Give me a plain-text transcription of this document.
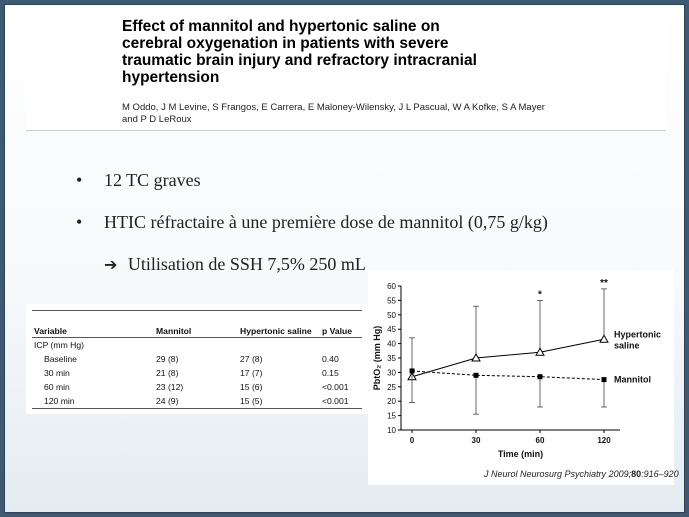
Effect of mannitol and hypertonic saline on
cerebral oxygenation in patients with severe
traumatic brain injury and refractory intracranial
hypertension
M Oddo, J M Levine, S Frangos, E Carrera, E Maloney-Wilensky, J L Pascual, W A Kofke, S A Mayer and P D LeRoux
• 12 TC graves
• HTIC réfractaire à une première dose de mannitol (0,75 g/kg)
➔ Utilisation de SSH 7,5% 250 mL
Variable	Mannitol	Hypertonic saline	p Value
ICP (mm Hg)			
Baseline	29 (8)	27 (8)	0.40
30 min	21 (8)	17 (7)	0.15
60 min	23 (12)	15 (6)	<0.001
120 min	24 (9)	15 (5)	<0.001
10
15
20
25
30
35
40
45
50
55
60
0	30	60	120
Time (min)
PbtO₂ (mm Hg)	Hypertonic
saline
Mannitol
*
**
J Neurol Neurosurg Psychiatry 2009;80:916–920
